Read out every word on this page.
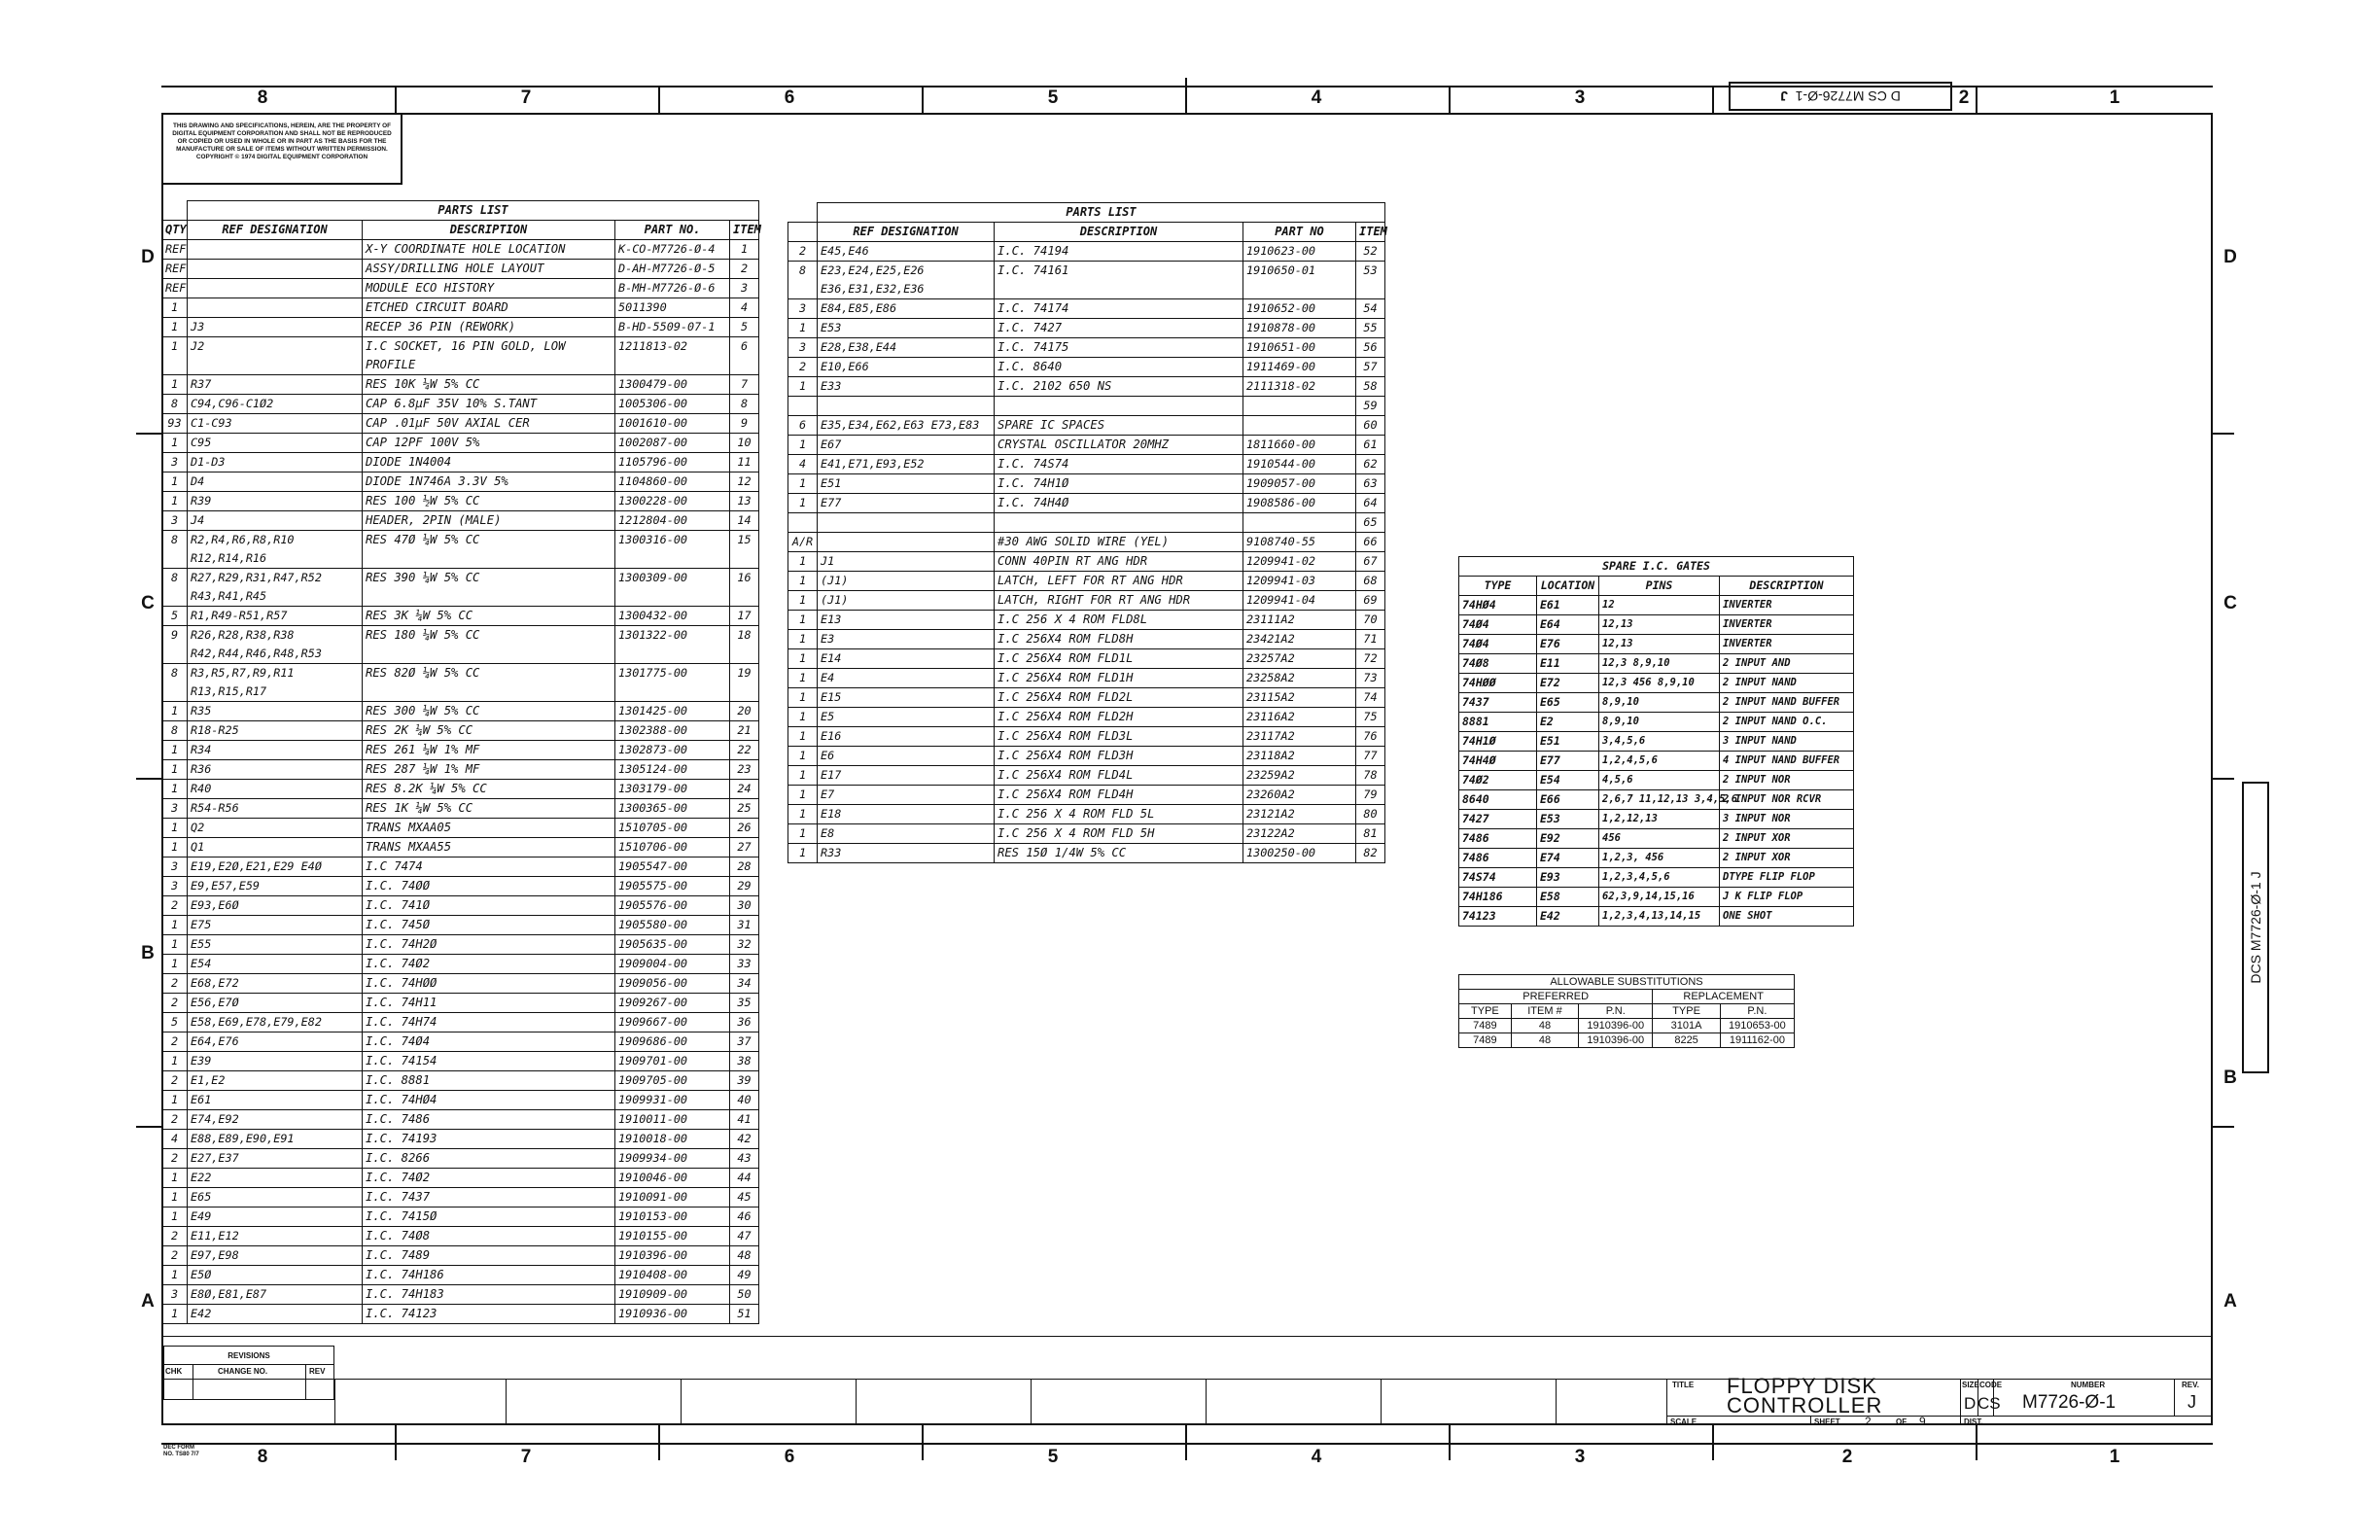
8	7	6	5	4	3	2	1
8	7	6	5	4	3	2	1
D
C
B
A
D
C
B
A
D CS M7726-Ø-1

J
DCS M7726-Ø-1 J
THIS DRAWING AND SPECIFICATIONS, HEREIN, ARE THE PROPERTY OF DIGITAL EQUIPMENT CORPORATION AND SHALL NOT BE REPRODUCED OR COPIED OR USED IN WHOLE OR IN PART AS THE BASIS FOR THE MANUFACTURE OR SALE OF ITEMS WITHOUT WRITTEN PERMISSION. COPYRIGHT © 1974 DIGITAL EQUIPMENT CORPORATION
	PARTS LIST			
QTY	REF DESIGNATION	DESCRIPTION	PART NO.	ITEM
REF		X-Y COORDINATE HOLE LOCATION	K-CO-M7726-Ø-4	1
REF		ASSY/DRILLING HOLE LAYOUT	D-AH-M7726-Ø-5	2
REF		MODULE ECO HISTORY	B-MH-M7726-Ø-6	3
1		ETCHED CIRCUIT BOARD	5011390	4
1	J3	RECEP 36 PIN (REWORK)	B-HD-5509-07-1	5
1	J2	I.C SOCKET, 16 PIN GOLD, LOW PROFILE	1211813-02	6
1	R37	RES 10K ¼W 5% CC	1300479-00	7
8	C94,C96-C1Ø2	CAP 6.8μF 35V 10% S.TANT	1005306-00	8
93	C1-C93	CAP .01μF 50V AXIAL CER	1001610-00	9
1	C95	CAP 12PF 100V 5%	1002087-00	10
3	D1-D3	DIODE 1N4004	1105796-00	11
1	D4	DIODE 1N746A 3.3V 5%	1104860-00	12
1	R39	RES 100 ½W 5% CC	1300228-00	13
3	J4	HEADER, 2PIN (MALE)	1212804-00	14
8	R2,R4,R6,R8,R10 R12,R14,R16	RES 47Ø ¼W 5% CC	1300316-00	15
8	R27,R29,R31,R47,R52 R43,R41,R45	RES 390 ¼W 5% CC	1300309-00	16
5	R1,R49-R51,R57	RES 3K ¼W 5% CC	1300432-00	17
9	R26,R28,R38,R38 R42,R44,R46,R48,R53	RES 180 ¼W 5% CC	1301322-00	18
8	R3,R5,R7,R9,R11 R13,R15,R17	RES 82Ø ¼W 5% CC	1301775-00	19
1	R35	RES 300 ¼W 5% CC	1301425-00	20
8	R18-R25	RES 2K ¼W 5% CC	1302388-00	21
1	R34	RES 261 ¼W 1% MF	1302873-00	22
1	R36	RES 287 ¼W 1% MF	1305124-00	23
1	R40	RES 8.2K ¼W 5% CC	1303179-00	24
3	R54-R56	RES 1K ¼W 5% CC	1300365-00	25
1	Q2	TRANS MXAA05	1510705-00	26
1	Q1	TRANS MXAA55	1510706-00	27
3	E19,E2Ø,E21,E29 E4Ø	I.C 7474	1905547-00	28
3	E9,E57,E59	I.C. 74ØØ	1905575-00	29
2	E93,E6Ø	I.C. 741Ø	1905576-00	30
1	E75	I.C. 745Ø	1905580-00	31
1	E55	I.C. 74H2Ø	1905635-00	32
1	E54	I.C. 74Ø2	1909004-00	33
2	E68,E72	I.C. 74HØØ	1909056-00	34
2	E56,E7Ø	I.C. 74H11	1909267-00	35
5	E58,E69,E78,E79,E82	I.C. 74H74	1909667-00	36
2	E64,E76	I.C. 74Ø4	1909686-00	37
1	E39	I.C. 74154	1909701-00	38
2	E1,E2	I.C. 8881	1909705-00	39
1	E61	I.C. 74HØ4	1909931-00	40
2	E74,E92	I.C. 7486	1910011-00	41
4	E88,E89,E90,E91	I.C. 74193	1910018-00	42
2	E27,E37	I.C. 8266	1909934-00	43
1	E22	I.C. 74Ø2	1910046-00	44
1	E65	I.C. 7437	1910091-00	45
1	E49	I.C. 7415Ø	1910153-00	46
2	E11,E12	I.C. 74Ø8	1910155-00	47
2	E97,E98	I.C. 7489	1910396-00	48
1	E5Ø	I.C. 74H186	1910408-00	49
3	E8Ø,E81,E87	I.C. 74H183	1910909-00	50
1	E42	I.C. 74123	1910936-00	51
	PARTS LIST			
	REF DESIGNATION	DESCRIPTION	PART NO	ITEM
2	E45,E46	I.C. 74194	1910623-00	52
8	E23,E24,E25,E26 E36,E31,E32,E36	I.C. 74161	1910650-01	53
3	E84,E85,E86	I.C. 74174	1910652-00	54
1	E53	I.C. 7427	1910878-00	55
3	E28,E38,E44	I.C. 74175	1910651-00	56
2	E10,E66	I.C. 8640	1911469-00	57
1	E33	I.C. 2102 650 NS	2111318-02	58
				59
6	E35,E34,E62,E63 E73,E83	SPARE IC SPACES		60
1	E67	CRYSTAL OSCILLATOR 20MHZ	1811660-00	61
4	E41,E71,E93,E52	I.C. 74S74	1910544-00	62
1	E51	I.C. 74H1Ø	1909057-00	63
1	E77	I.C. 74H4Ø	1908586-00	64
				65
A/R		#30 AWG SOLID WIRE (YEL)	9108740-55	66
1	J1	CONN 40PIN RT ANG HDR	1209941-02	67
1	(J1)	LATCH, LEFT FOR RT ANG HDR	1209941-03	68
1	(J1)	LATCH, RIGHT FOR RT ANG HDR	1209941-04	69
1	E13	I.C 256 X 4 ROM FLD8L	23111A2	70
1	E3	I.C 256X4 ROM FLD8H	23421A2	71
1	E14	I.C 256X4 ROM FLD1L	23257A2	72
1	E4	I.C 256X4 ROM FLD1H	23258A2	73
1	E15	I.C 256X4 ROM FLD2L	23115A2	74
1	E5	I.C 256X4 ROM FLD2H	23116A2	75
1	E16	I.C 256X4 ROM FLD3L	23117A2	76
1	E6	I.C 256X4 ROM FLD3H	23118A2	77
1	E17	I.C 256X4 ROM FLD4L	23259A2	78
1	E7	I.C 256X4 ROM FLD4H	23260A2	79
1	E18	I.C 256 X 4 ROM FLD 5L	23121A2	80
1	E8	I.C 256 X 4 ROM FLD 5H	23122A2	81
1	R33	RES 15Ø 1/4W 5% CC	1300250-00	82
SPARE I.C. GATES			
TYPE	LOCATION	PINS	DESCRIPTION
74HØ4	E61	12	INVERTER
74Ø4	E64	12,13	INVERTER
74Ø4	E76	12,13	INVERTER
74Ø8	E11	12,3 8,9,10	2 INPUT AND
74HØØ	E72	12,3 456 8,9,10	2 INPUT NAND
7437	E65	8,9,10	2 INPUT NAND BUFFER
8881	E2	8,9,10	2 INPUT NAND O.C.
74H1Ø	E51	3,4,5,6	3 INPUT NAND
74H4Ø	E77	1,2,4,5,6	4 INPUT NAND BUFFER
74Ø2	E54	4,5,6	2 INPUT NOR
8640	E66	2,6,7 11,12,13 3,4,5,6	2 INPUT NOR RCVR
7427	E53	1,2,12,13	3 INPUT NOR
7486	E92	456	2 INPUT XOR
7486	E74	1,2,3, 456	2 INPUT XOR
74S74	E93	1,2,3,4,5,6	DTYPE FLIP FLOP
74H186	E58	62,3,9,14,15,16	J K FLIP FLOP
74123	E42	1,2,3,4,13,14,15	ONE SHOT
ALLOWABLE SUBSTITUTIONS				
PREFERRED			REPLACEMENT	
TYPE	ITEM #	P.N.	TYPE	P.N.
7489	48	1910396-00	3101A	1910653-00
7489	48	1910396-00	8225	1911162-00
REVISIONS
CHK	CHANGE NO.	REV
TITLE FLOPPY DISK CONTROLLER
SIZE CODE	NUMBER	REV.
D CS M7726-Ø-1	J
SCALE	SHEET 2	OF 9	DIST.
DEC FORM NO. TS80 7/7
